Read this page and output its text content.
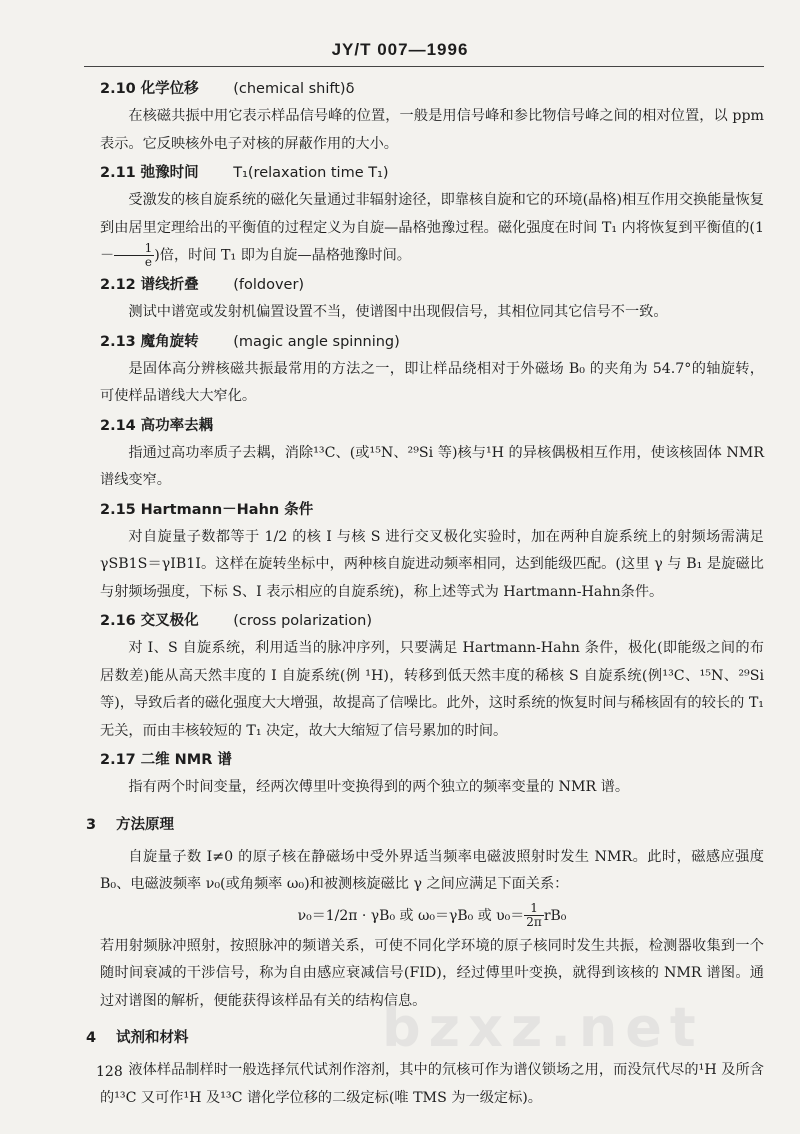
JY/T 007—1996
2.10 化学位移 (chemical shift)δ

在核磁共振中用它表示样品信号峰的位置，一般是用信号峰和参比物信号峰之间的相对位置，以 ppm 表示。它反映核外电子对核的屏蔽作用的大小。

2.11 弛豫时间 T₁(relaxation time T₁)

受激发的核自旋系统的磁化矢量通过非辐射途径，即靠核自旋和它的环境(晶格)相互作用交换能量恢复到由居里定理给出的平衡值的过程定义为自旋—晶格弛豫过程。磁化强度在时间 T₁ 内将恢复到平衡值的($1- \frac{1}{e}$ )倍，时间 T₁ 即为自旋—晶格弛豫时间。

2.12 谱线折叠 (foldover)

测试中谱宽或发射机偏置设置不当，使谱图中出现假信号，其相位同其它信号不一致。

2.13 魔角旋转 (magic angle spinning)

是固体高分辨核磁共振最常用的方法之一，即让样品绕相对于外磁场 B₀ 的夹角为 54.7°的轴旋转，可使样品谱线大大窄化。

2.14 高功率去耦

指通过高功率质子去耦，消除¹³C、(或¹⁵N、²⁹Si 等)核与¹H 的异核偶极相互作用，使该核固体 NMR 谱线变窄。

2.15 Hartmann－Hahn 条件

对自旋量子数都等于 1/2 的核 I 与核 S 进行交叉极化实验时，加在两种自旋系统上的射频场需满足 γSB1S＝γIB1I。这样在旋转坐标中，两种核自旋进动频率相同，达到能级匹配。(这里 γ 与 B₁ 是旋磁比与射频场强度，下标 S、I 表示相应的自旋系统)，称上述等式为 Hartmann-Hahn条件。

2.16 交叉极化 (cross polarization)

对 I、S 自旋系统，利用适当的脉冲序列，只要满足 Hartmann-Hahn 条件，极化(即能级之间的布居数差)能从高天然丰度的 I 自旋系统(例 ¹H)，转移到低天然丰度的稀核 S 自旋系统(例¹³C、¹⁵N、²⁹Si 等)，导致后者的磁化强度大大增强，故提高了信噪比。此外，这时系统的恢复时间与稀核固有的较长的 T₁ 无关，而由丰核较短的 T₁ 决定，故大大缩短了信号累加的时间。

2.17 二维 NMR 谱

指有两个时间变量，经两次傅里叶变换得到的两个独立的频率变量的 NMR 谱。

3 方法原理

自旋量子数 I≠0 的原子核在静磁场中受外界适当频率电磁波照射时发生 NMR。此时，磁感应强度 B₀、电磁波频率 ν₀(或角频率 ω₀)和被测核旋磁比 γ 之间应满足下面关系：

ν₀＝1/2π · γB₀ 或 ω₀＝γB₀ 或 $\upsilon_0= \frac{1}{2\pi} rB_0$

若用射频脉冲照射，按照脉冲的频谱关系，可使不同化学环境的原子核同时发生共振，检测器收集到一个随时间衰减的干涉信号，称为自由感应衰减信号(FID)，经过傅里叶变换，就得到该核的 NMR 谱图。通过对谱图的解析，便能获得该样品有关的结构信息。

4 试剂和材料

液体样品制样时一般选择氘代试剂作溶剂，其中的氘核可作为谱仪锁场之用，而没氘代尽的¹H 及所含的¹³C 又可作¹H 及¹³C 谱化学位移的二级定标(唯 TMS 为一级定标)。

bzxz.net
128
